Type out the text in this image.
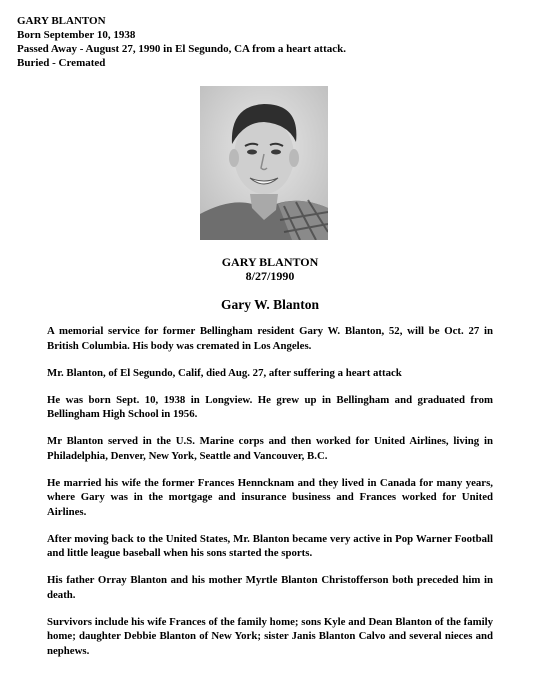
GARY BLANTON
Born September 10, 1938
Passed Away - August 27, 1990 in El Segundo, CA from a heart attack.
Buried - Cremated
GARY BLANTON
8/27/1990
Gary W. Blanton

A memorial service for former Bellingham resident Gary W. Blanton, 52, will be Oct. 27 in British Columbia. His body was cremated in Los Angeles.

Mr. Blanton, of El Segundo, Calif, died Aug. 27, after suffering a heart attack

He was born Sept. 10, 1938 in Longview. He grew up in Bellingham and graduated from Bellingham High School in 1956.

Mr Blanton served in the U.S. Marine corps and then worked for United Airlines, living in Philadelphia, Denver, New York, Seattle and Vancouver, B.C.

He married his wife the former Frances Henncknam and they lived in Canada for many years, where Gary was in the mortgage and insurance business and Frances worked for United Airlines.

After moving back to the United States, Mr. Blanton became very active in Pop Warner Football and little league baseball when his sons started the sports.

His father Orray Blanton and his mother Myrtle Blanton Christofferson both preceded him in death.

Survivors include his wife Frances of the family home; sons Kyle and Dean Blanton of the family home; daughter Debbie Blanton of New York; sister Janis Blanton Calvo and several nieces and nephews.
